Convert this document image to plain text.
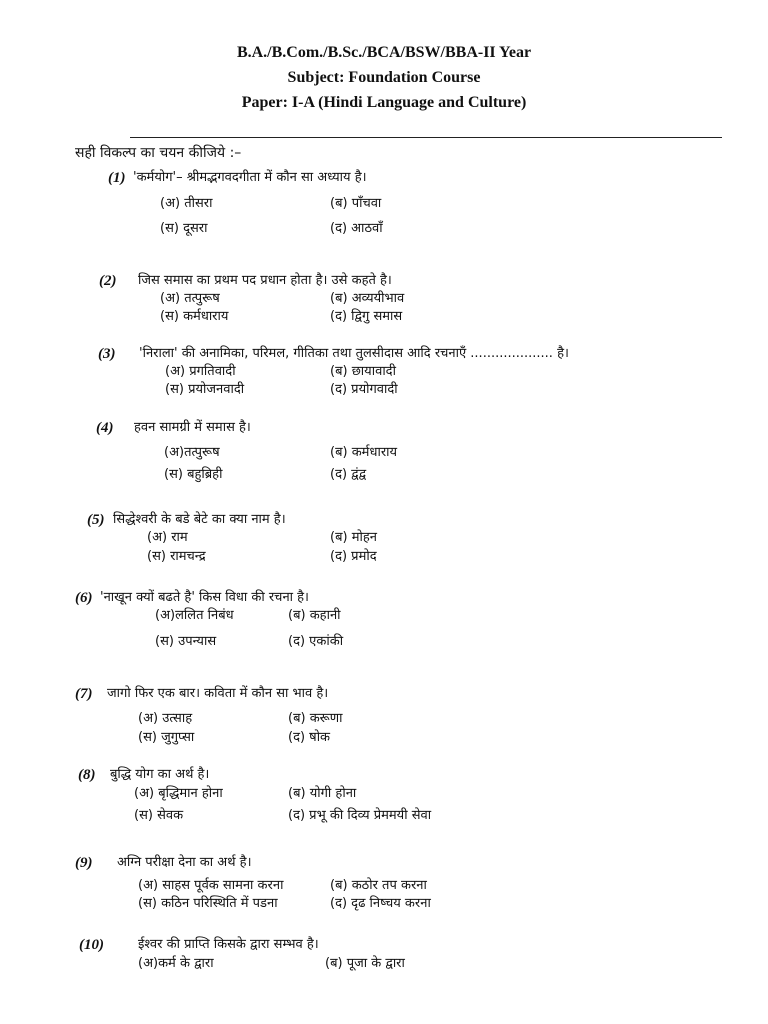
B.A./B.Com./B.Sc./BCA/BSW/BBA-II Year
Subject: Foundation Course
Paper: I-A (Hindi Language and Culture)
सही विकल्प का चयन कीजिये :–
(1) 'कर्मयोग'– श्रीमद्भगवदगीता में कौन सा अध्याय है।
(अ) तीसरा	(ब) पाँचवा
(स) दूसरा	(द) आठवाँ
(2) जिस समास का प्रथम पद प्रधान होता है। उसे कहते है।
(अ) तत्पुरूष	(ब) अव्ययीभाव
(स) कर्मधाराय	(द) द्विगु समास
(3) 'निराला' की अनामिका, परिमल, गीतिका तथा तुलसीदास आदि रचनाएँ .................... है।
(अ) प्रगतिवादी	(ब) छायावादी
(स) प्रयोजनवादी	(द) प्रयोगवादी
(4) हवन सामग्री में समास है।
(अ)तत्पुरूष	(ब) कर्मधाराय
(स) बहुब्रिही	(द) द्वंद्व
(5) सिद्धेश्वरी के बडे बेटे का क्या नाम है।
(अ) राम	(ब) मोहन
(स) रामचन्द्र	(द) प्रमोद
(6) 'नाखून क्यों बढते है' किस विधा की रचना है।
(अ)ललित निबंध	(ब) कहानी
(स) उपन्यास	(द) एकांकी
(7) जागो फिर एक बार। कविता में कौन सा भाव है।
(अ) उत्साह	(ब) करूणा
(स) जुगुप्सा	(द) षोक
(8) बुद्धि योग का अर्थ है।
(अ) बृद्धिमान होना	(ब) योगी होना
(स) सेवक	(द) प्रभू की दिव्य प्रेममयी सेवा
(9) अग्नि परीक्षा देना का अर्थ है।
(अ) साहस पूर्वक सामना करना	(ब) कठोर तप करना
(स) कठिन परिस्थिति में पडना	(द) दृढ निष्चय करना
(10)	ईश्वर की प्राप्ति किसके द्वारा सम्भव है।
(अ)कर्म के द्वारा	(ब) पूजा के द्वारा
